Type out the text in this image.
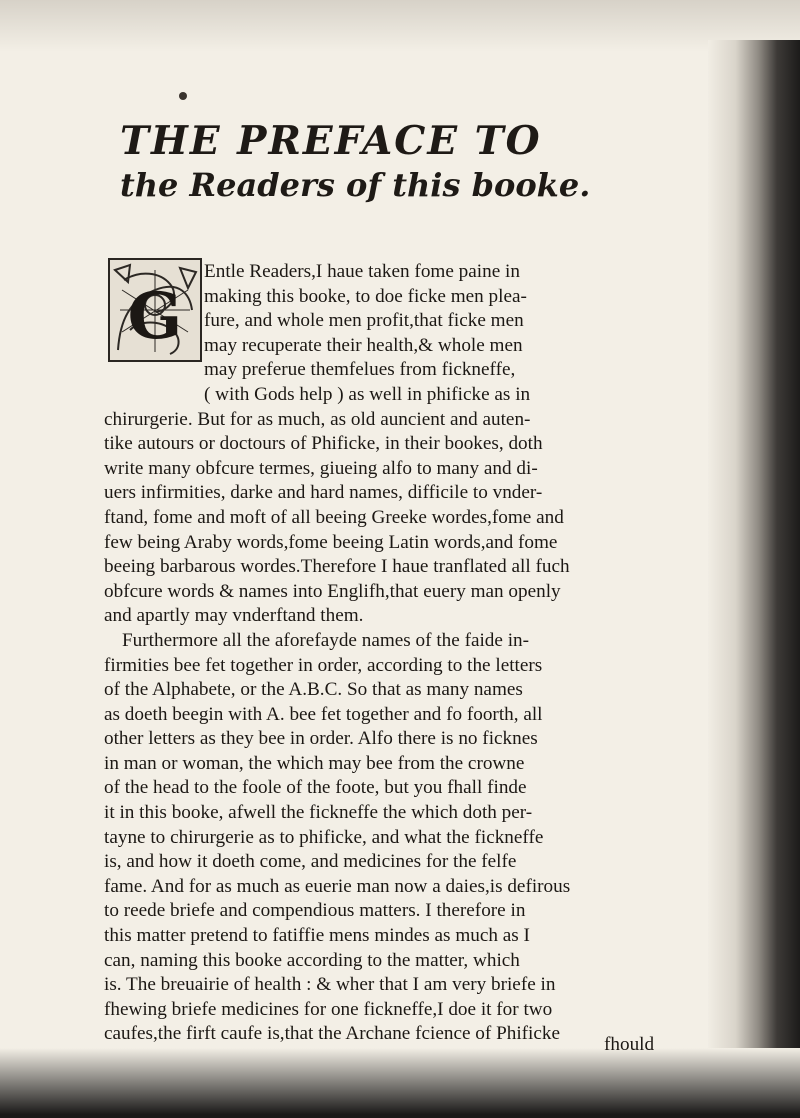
THE PREFACE TO
the Readers of this booke.
G
Entle Readers,I haue taken fome paine in
making this booke, to doe ficke men plea-
fure, and whole men profit,that ficke men
may recuperate their health,& whole men
may preferue themfelues from fickneffe,
( with Gods help ) as well in phificke as in
chirurgerie. But for as much, as old auncient and auten-
tike autours or doctours of Phificke, in their bookes, doth
write many obfcure termes, giueing alfo to many and di-
uers infirmities, darke and hard names, difficile to vnder-
ftand, fome and moft of all beeing Greeke wordes,fome and
few being Araby words,fome beeing Latin words,and fome
beeing barbarous wordes.Therefore I haue tranflated all fuch
obfcure words & names into Englifh,that euery man openly
and apartly may vnderftand them.
Furthermore all the aforefayde names of the faide in-
firmities bee fet together in order, according to the letters
of the Alphabete, or the A.B.C. So that as many names
as doeth beegin with A. bee fet together and fo foorth, all
other letters as they bee in order. Alfo there is no ficknes
in man or woman, the which may bee from the crowne
of the head to the foole of the foote, but you fhall finde
it in this booke, afwell the fickneffe the which doth per-
tayne to chirurgerie as to phificke, and what the fickneffe
is, and how it doeth come, and medicines for the felfe
fame. And for as much as euerie man now a daies,is defirous
to reede briefe and compendious matters. I therefore in
this matter pretend to fatiffie mens mindes as much as I
can, naming this booke according to the matter, which
is. The breuairie of health : & wher that I am very briefe in
fhewing briefe medicines for one fickneffe,I doe it for two
caufes,the firft caufe is,that the Archane fcience of Phificke
fhould
